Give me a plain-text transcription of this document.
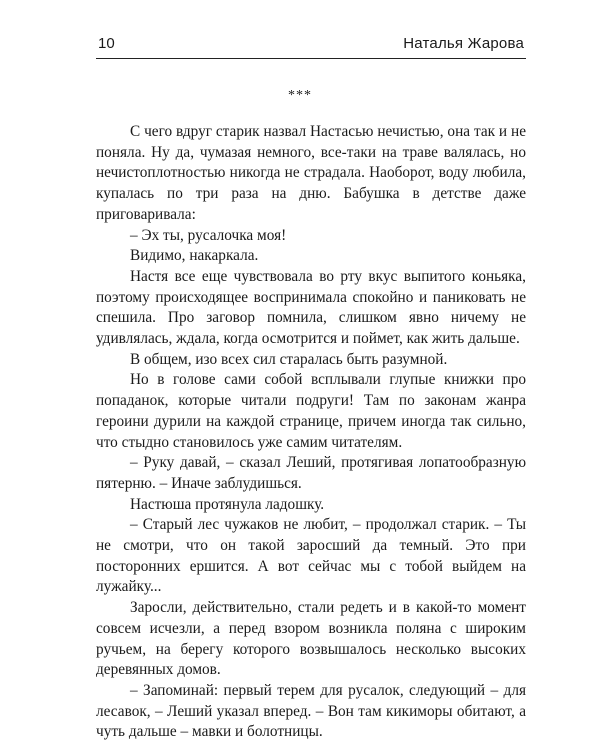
10	Наталья Жарова
***

С чего вдруг старик назвал Настасью нечистью, она так и не поняла. Ну да, чумазая немного, все-таки на траве валялась, но нечистоплотностью никогда не страдала. Наоборот, воду любила, купалась по три раза на дню. Бабушка в детстве даже приговаривала:

– Эх ты, русалочка моя!

Видимо, накаркала.

Настя все еще чувствовала во рту вкус выпитого коньяка, поэтому происходящее воспринимала спокойно и паниковать не спешила. Про заговор помнила, слишком явно ничему не удивлялась, ждала, когда осмотрится и поймет, как жить дальше.

В общем, изо всех сил старалась быть разумной.

Но в голове сами собой всплывали глупые книжки про попаданок, которые читали подруги! Там по законам жанра героини дурили на каждой странице, причем иногда так сильно, что стыдно становилось уже самим читателям.

– Руку давай, – сказал Леший, протягивая лопатообразную пятерню. – Иначе заблудишься.

Настюша протянула ладошку.

– Старый лес чужаков не любит, – продолжал старик. – Ты не смотри, что он такой заросший да темный. Это при посторонних ершится. А вот сейчас мы с тобой выйдем на лужайку...

Заросли, действительно, стали редеть и в какой-то момент совсем исчезли, а перед взором возникла поляна с широким ручьем, на берегу которого возвышалось несколько высоких деревянных домов.

– Запоминай: первый терем для русалок, следующий – для лесавок, – Леший указал вперед. – Вон там кикиморы обитают, а чуть дальше – мавки и болотницы.
